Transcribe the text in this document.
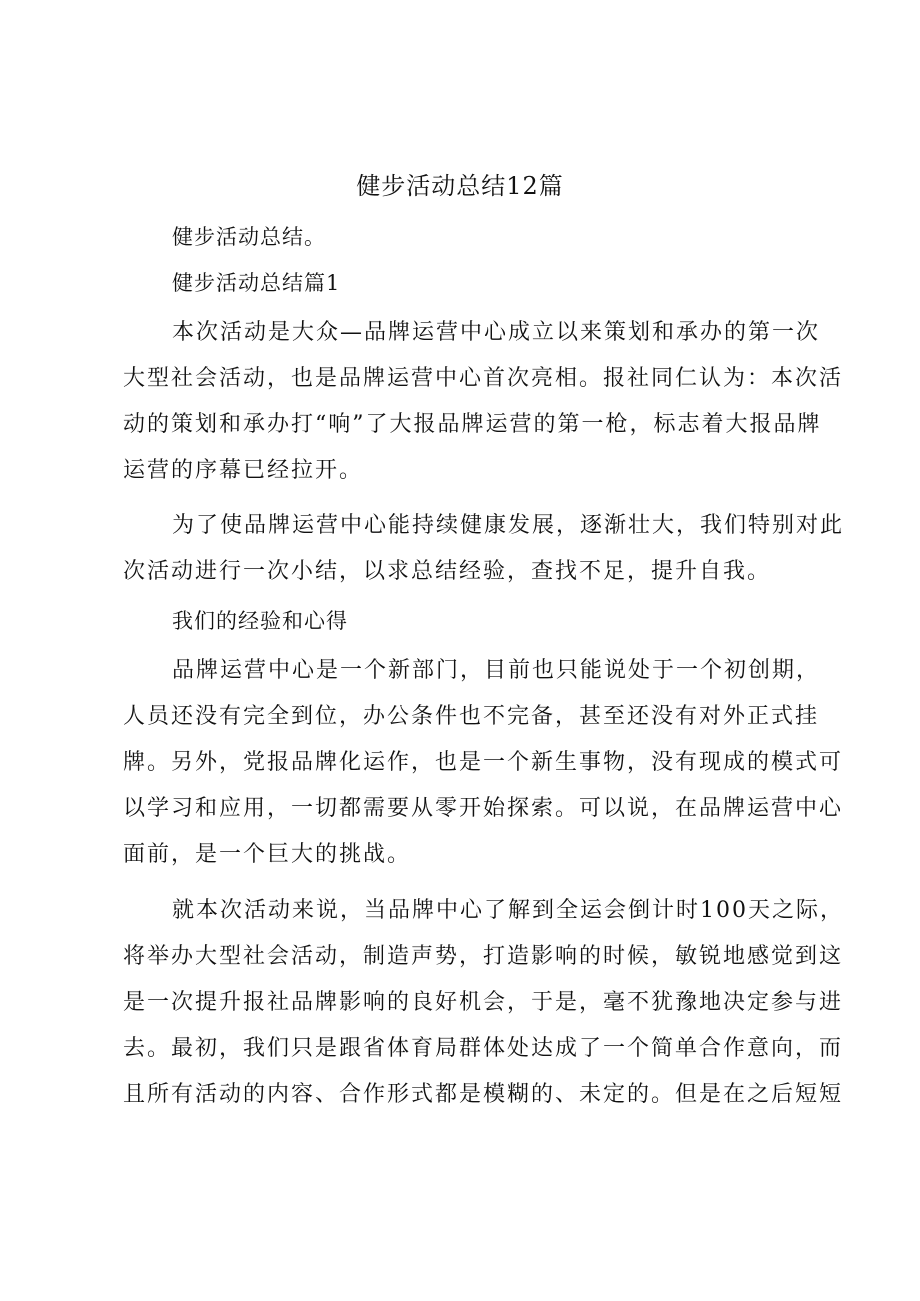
健步活动总结12篇
健步活动总结。
健步活动总结篇1
本次活动是大众—品牌运营中心成立以来策划和承办的第一次
大型社会活动，也是品牌运营中心首次亮相。报社同仁认为：本次活
动的策划和承办打“响”了大报品牌运营的第一枪，标志着大报品牌
运营的序幕已经拉开。
为了使品牌运营中心能持续健康发展，逐渐壮大，我们特别对此
次活动进行一次小结，以求总结经验，查找不足，提升自我。
我们的经验和心得
品牌运营中心是一个新部门，目前也只能说处于一个初创期，
人员还没有完全到位，办公条件也不完备，甚至还没有对外正式挂
牌。另外，党报品牌化运作，也是一个新生事物，没有现成的模式可
以学习和应用，一切都需要从零开始探索。可以说，在品牌运营中心
面前，是一个巨大的挑战。
就本次活动来说，当品牌中心了解到全运会倒计时100天之际，
将举办大型社会活动，制造声势，打造影响的时候，敏锐地感觉到这
是一次提升报社品牌影响的良好机会，于是，毫不犹豫地决定参与进
去。最初，我们只是跟省体育局群体处达成了一个简单合作意向，而
且所有活动的内容、合作形式都是模糊的、未定的。但是在之后短短
